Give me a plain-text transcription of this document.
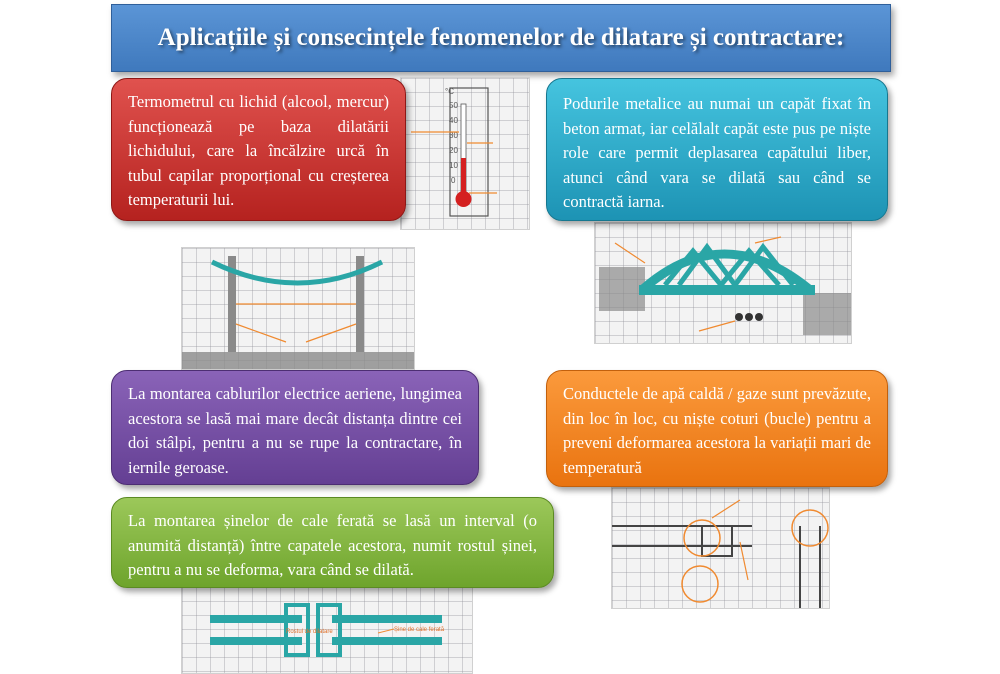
Aplicațiile și consecințele fenomenelor de dilatare și contractare:
°C
50
40
30
20
10
0
Rostul de dilatare	Șine de cale ferată
Termometrul cu lichid (alcool, mercur) funcționează pe baza dilatării lichidului, care la încălzire urcă în tubul capilar proporțional cu creșterea temperaturii lui.
Podurile metalice au numai un capăt fixat în beton armat, iar celălalt capăt este pus pe niște role care permit deplasarea capătului liber, atunci când vara se dilată sau când se contractă iarna.
La montarea cablurilor electrice aeriene, lungimea acestora se lasă mai mare decât distanța dintre cei doi stâlpi, pentru a nu se rupe la contractare, în iernile geroase.
Conductele de apă caldă / gaze sunt prevăzute, din loc în loc, cu niște coturi (bucle) pentru a preveni deformarea acestora la variații mari de temperatură
La montarea șinelor de cale ferată se lasă un interval (o anumită distanță) între capatele acestora, numit rostul șinei, pentru a nu se deforma, vara când se dilată.
